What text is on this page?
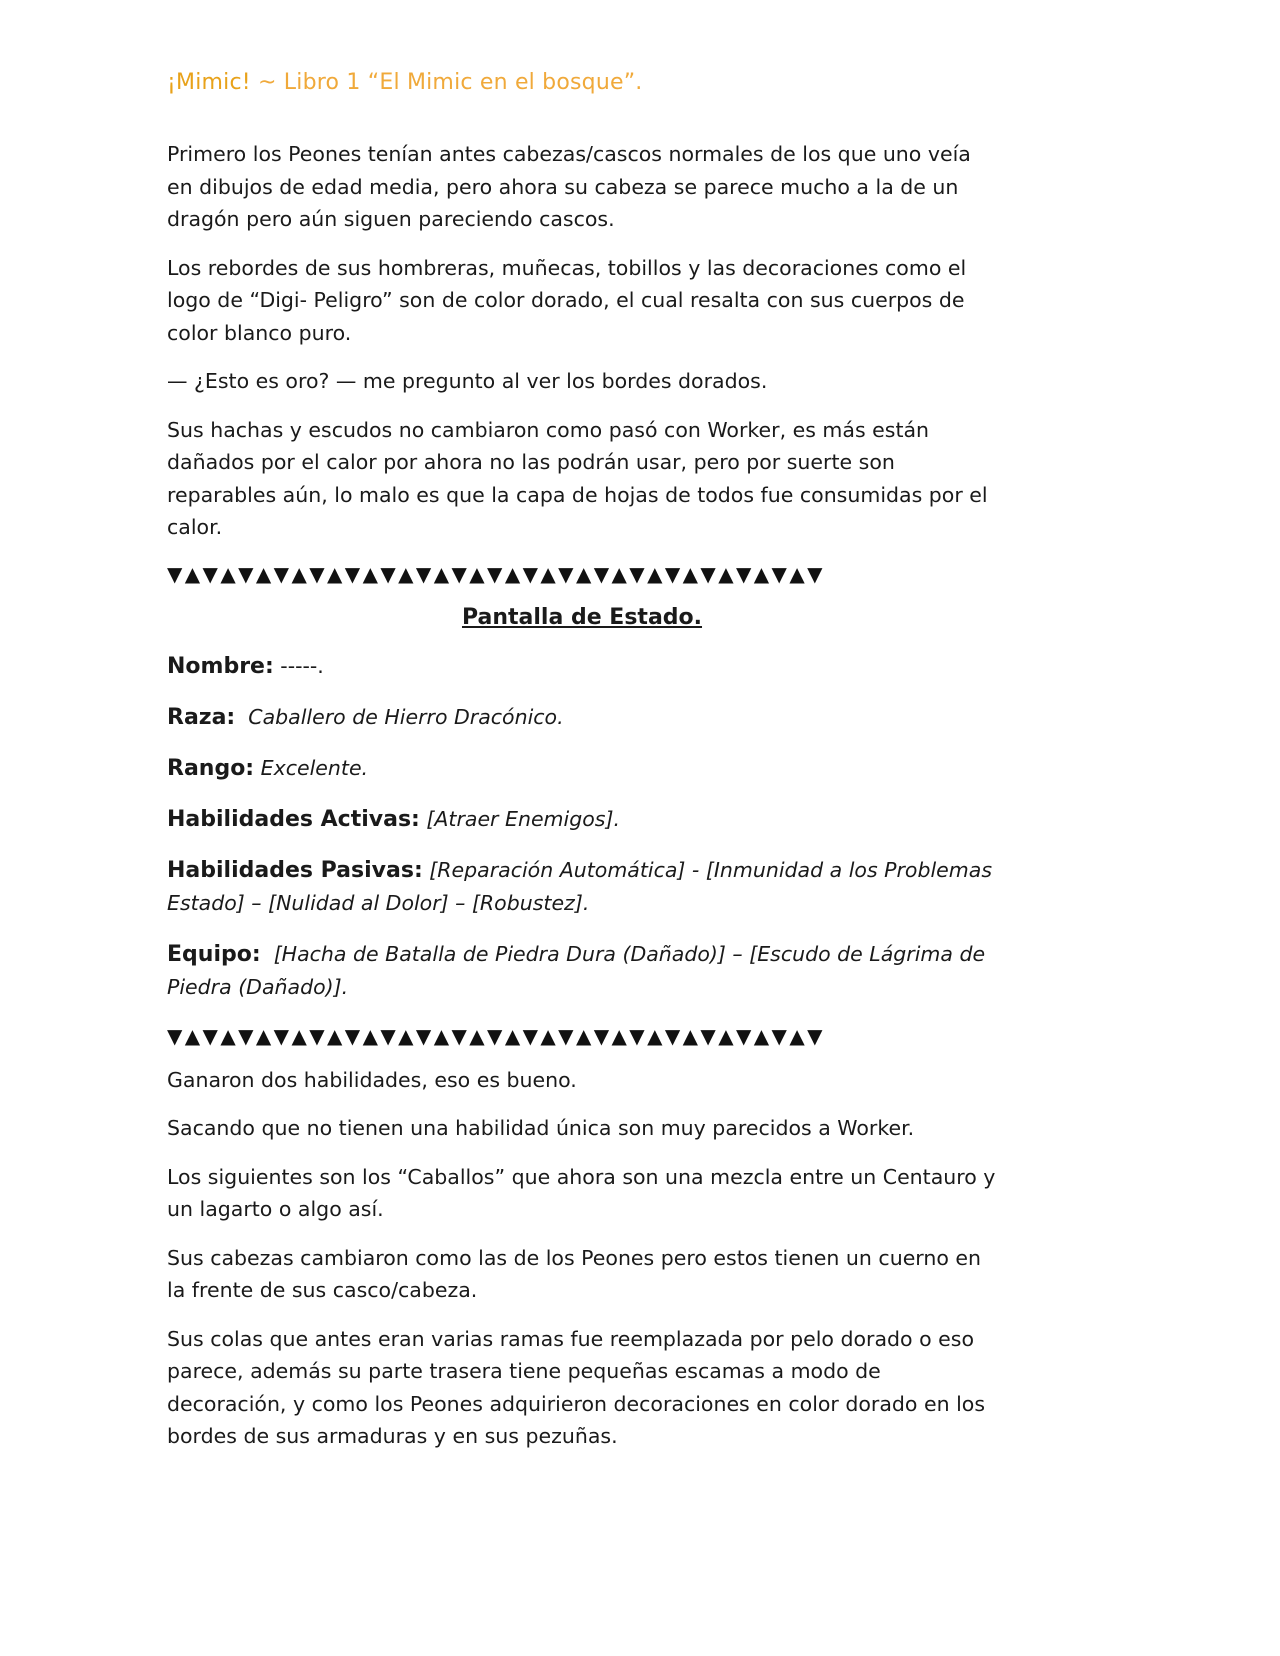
¡Mimic! ~ Libro 1 “El Mimic en el bosque”.

Primero los Peones tenían antes cabezas/cascos normales de los que uno veía en dibujos de edad media, pero ahora su cabeza se parece mucho a la de un dragón pero aún siguen pareciendo cascos.

Los rebordes de sus hombreras, muñecas, tobillos y las decoraciones como el logo de “Digi- Peligro” son de color dorado, el cual resalta con sus cuerpos de color blanco puro.

— ¿Esto es oro? — me pregunto al ver los bordes dorados.

Sus hachas y escudos no cambiaron como pasó con Worker, es más están dañados por el calor por ahora no las podrán usar, pero por suerte son reparables aún, lo malo es que la capa de hojas de todos fue consumidas por el calor.

▼▲▼▲▼▲▼▲▼▲▼▲▼▲▼▲▼▲▼▲▼▲▼▲▼▲▼▲▼▲▼▲▼▲▼▲▼
Pantalla de Estado.
Nombre: -----.
Raza: Caballero de Hierro Dracónico.
Rango: Excelente.
Habilidades Activas: [Atraer Enemigos].
Habilidades Pasivas: [Reparación Automática] - [Inmunidad a los Problemas Estado] – [Nulidad al Dolor] – [Robustez].
Equipo: [Hacha de Batalla de Piedra Dura (Dañado)] – [Escudo de Lágrima de Piedra (Dañado)].
▼▲▼▲▼▲▼▲▼▲▼▲▼▲▼▲▼▲▼▲▼▲▼▲▼▲▼▲▼▲▼▲▼▲▼▲▼

Ganaron dos habilidades, eso es bueno.

Sacando que no tienen una habilidad única son muy parecidos a Worker.

Los siguientes son los “Caballos” que ahora son una mezcla entre un Centauro y un lagarto o algo así.

Sus cabezas cambiaron como las de los Peones pero estos tienen un cuerno en la frente de sus casco/cabeza.

Sus colas que antes eran varias ramas fue reemplazada por pelo dorado o eso parece, además su parte trasera tiene pequeñas escamas a modo de decoración, y como los Peones adquirieron decoraciones en color dorado en los bordes de sus armaduras y en sus pezuñas.
